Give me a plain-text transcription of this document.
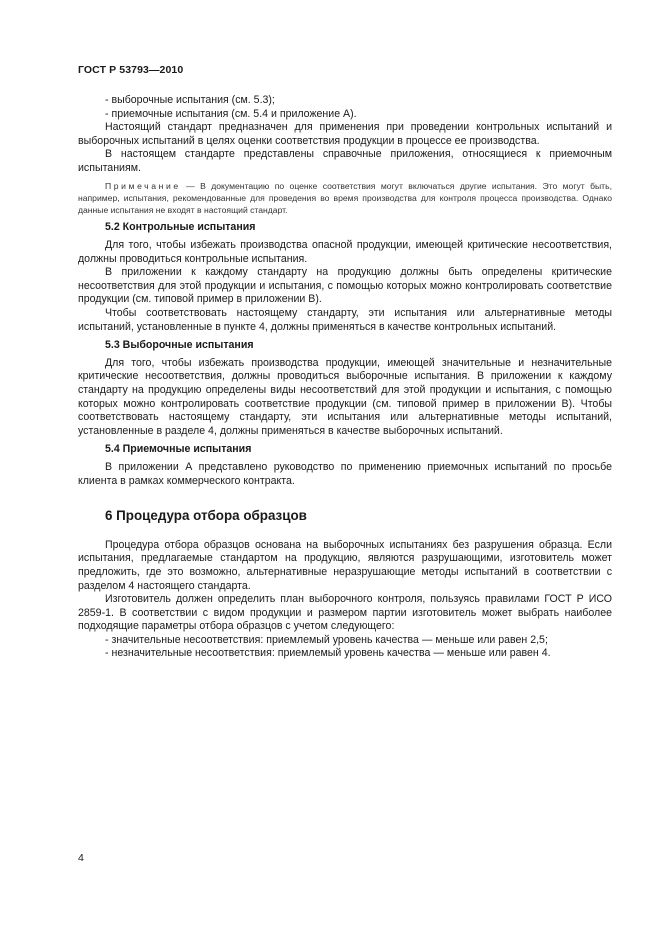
ГОСТ Р 53793—2010

- выборочные испытания (см. 5.3);

- приемочные испытания (см. 5.4 и приложение А).

Настоящий стандарт предназначен для применения при проведении контрольных испытаний и выборочных испытаний в целях оценки соответствия продукции в процессе ее производства.

В настоящем стандарте представлены справочные приложения, относящиеся к приемочным испытаниям.

Примечание — В документацию по оценке соответствия могут включаться другие испытания. Это могут быть, например, испытания, рекомендованные для проведения во время производства для контроля процесса производства. Однако данные испытания не входят в настоящий стандарт.

5.2 Контрольные испытания

Для того, чтобы избежать производства опасной продукции, имеющей критические несоответствия, должны проводиться контрольные испытания.

В приложении к каждому стандарту на продукцию должны быть определены критические несоответствия для этой продукции и испытания, с помощью которых можно контролировать соответствие продукции (см. типовой пример в приложении В).

Чтобы соответствовать настоящему стандарту, эти испытания или альтернативные методы испытаний, установленные в пункте 4, должны применяться в качестве контрольных испытаний.

5.3 Выборочные испытания

Для того, чтобы избежать производства продукции, имеющей значительные и незначительные критические несоответствия, должны проводиться выборочные испытания. В приложении к каждому стандарту на продукцию определены виды несоответствий для этой продукции и испытания, с помощью которых можно контролировать соответствие продукции (см. типовой пример в приложении В). Чтобы соответствовать настоящему стандарту, эти испытания или альтернативные методы испытаний, установленные в разделе 4, должны применяться в качестве выборочных испытаний.

5.4 Приемочные испытания

В приложении А представлено руководство по применению приемочных испытаний по просьбе клиента в рамках коммерческого контракта.

6 Процедура отбора образцов

Процедура отбора образцов основана на выборочных испытаниях без разрушения образца. Если испытания, предлагаемые стандартом на продукцию, являются разрушающими, изготовитель может предложить, где это возможно, альтернативные неразрушающие методы испытаний в соответствии с разделом 4 настоящего стандарта.

Изготовитель должен определить план выборочного контроля, пользуясь правилами ГОСТ Р ИСО 2859-1. В соответствии с видом продукции и размером партии изготовитель может выбрать наиболее подходящие параметры отбора образцов с учетом следующего:

- значительные несоответствия: приемлемый уровень качества — меньше или равен 2,5;

- незначительные несоответствия: приемлемый уровень качества — меньше или равен 4.

4
